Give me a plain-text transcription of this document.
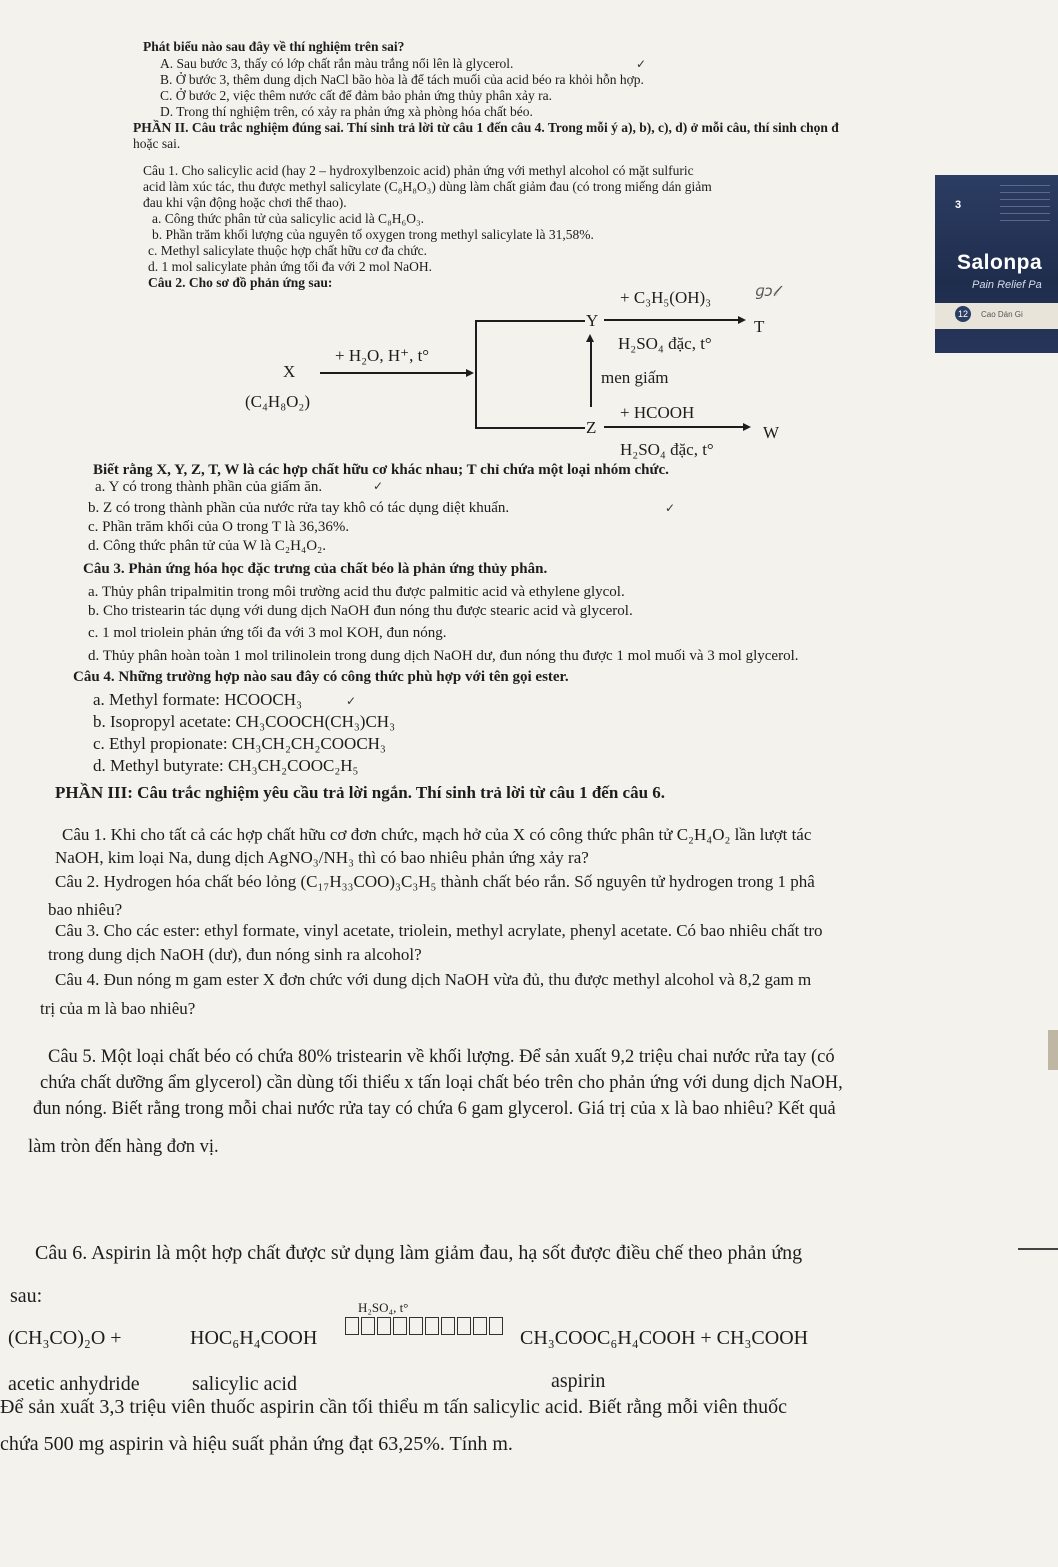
Phát biểu nào sau đây về thí nghiệm trên sai?
A. Sau bước 3, thấy có lớp chất rắn màu trắng nổi lên là glycerol.	✓
B. Ở bước 3, thêm dung dịch NaCl bão hòa là để tách muối của acid béo ra khỏi hỗn hợp.
C. Ở bước 2, việc thêm nước cất để đảm bảo phản ứng thủy phân xảy ra.
D. Trong thí nghiệm trên, có xảy ra phản ứng xà phòng hóa chất béo.
PHẦN II. Câu trắc nghiệm đúng sai. Thí sinh trả lời từ câu 1 đến câu 4. Trong mỗi ý a), b), c), d) ở mỗi câu, thí sinh chọn đ
hoặc sai.
Câu 1. Cho salicylic acid (hay 2 – hydroxylbenzoic acid) phản ứng với methyl alcohol có mặt sulfuric
acid làm xúc tác, thu được methyl salicylate (C₈H₈O₃) dùng làm chất giảm đau (có trong miếng dán giảm
đau khi vận động hoặc chơi thể thao).
a. Công thức phân tử của salicylic acid là C₈H₆O₃.
b. Phần trăm khối lượng của nguyên tố oxygen trong methyl salicylate là 31,58%.
c. Methyl salicylate thuộc hợp chất hữu cơ đa chức.
d. 1 mol salicylate phản ứng tối đa với 2 mol NaOH.
3
Salonpa
Pain Relief Pa
Cao Dán Gi
12
Câu 2. Cho sơ đồ phản ứng sau:
X
(C₄H₈O₂)
+ H₂O, H⁺, t°
Y
+ C₃H₅(OH)₃
H₂SO₄ đặc, t°
T
ɡɔ𝓁
men giấm
Z
+ HCOOH
H₂SO₄ đặc, t°
W
Biết rằng X, Y, Z, T, W là các hợp chất hữu cơ khác nhau; T chỉ chứa một loại nhóm chức.
a. Y có trong thành phần của giấm ăn.	✓
b. Z có trong thành phần của nước rửa tay khô có tác dụng diệt khuẩn.	✓
c. Phần trăm khối của O trong T là 36,36%.
d. Công thức phân tử của W là C₂H₄O₂.
Câu 3. Phản ứng hóa học đặc trưng của chất béo là phản ứng thủy phân.
a. Thủy phân tripalmitin trong môi trường acid thu được palmitic acid và ethylene glycol.
b. Cho tristearin tác dụng với dung dịch NaOH đun nóng thu được stearic acid và glycerol.
c. 1 mol triolein phản ứng tối đa với 3 mol KOH, đun nóng.
d. Thủy phân hoàn toàn 1 mol trilinolein trong dung dịch NaOH dư, đun nóng thu được 1 mol muối và 3 mol glycerol.
Câu 4. Những trường hợp nào sau đây có công thức phù hợp với tên gọi ester.
a. Methyl formate: HCOOCH₃	✓
b. Isopropyl acetate: CH₃COOCH(CH₃)CH₃
c. Ethyl propionate: CH₃CH₂CH₂COOCH₃
d. Methyl butyrate: CH₃CH₂COOC₂H₅
PHẦN III: Câu trắc nghiệm yêu cầu trả lời ngắn. Thí sinh trả lời từ câu 1 đến câu 6.
Câu 1. Khi cho tất cả các hợp chất hữu cơ đơn chức, mạch hở của X có công thức phân tử C₂H₄O₂ lần lượt tác
NaOH, kim loại Na, dung dịch AgNO₃/NH₃ thì có bao nhiêu phản ứng xảy ra?
Câu 2. Hydrogen hóa chất béo lỏng (C₁₇H₃₃COO)₃C₃H₅ thành chất béo rắn. Số nguyên tử hydrogen trong 1 phâ
bao nhiêu?
Câu 3. Cho các ester: ethyl formate, vinyl acetate, triolein, methyl acrylate, phenyl acetate. Có bao nhiêu chất tro
trong dung dịch NaOH (dư), đun nóng sinh ra alcohol?
Câu 4. Đun nóng m gam ester X đơn chức với dung dịch NaOH vừa đủ, thu được methyl alcohol và 8,2 gam m
trị của m là bao nhiêu?
Câu 5. Một loại chất béo có chứa 80% tristearin về khối lượng. Để sản xuất 9,2 triệu chai nước rửa tay (có
chứa chất dưỡng ẩm glycerol) cần dùng tối thiểu x tấn loại chất béo trên cho phản ứng với dung dịch NaOH,
đun nóng. Biết rằng trong mỗi chai nước rửa tay có chứa 6 gam glycerol. Giá trị của x là bao nhiêu? Kết quả
làm tròn đến hàng đơn vị.
Câu 6. Aspirin là một hợp chất được sử dụng làm giảm đau, hạ sốt được điều chế theo phản ứng
sau:
(CH₃CO)₂O +	HOC₆H₄COOH
H₂SO₄, t°
CH₃COOC₆H₄COOH + CH₃COOH
acetic anhydride	salicylic acid	aspirin
Để sản xuất 3,3 triệu viên thuốc aspirin cần tối thiểu m tấn salicylic acid. Biết rằng mỗi viên thuốc
chứa 500 mg aspirin và hiệu suất phản ứng đạt 63,25%. Tính m.
